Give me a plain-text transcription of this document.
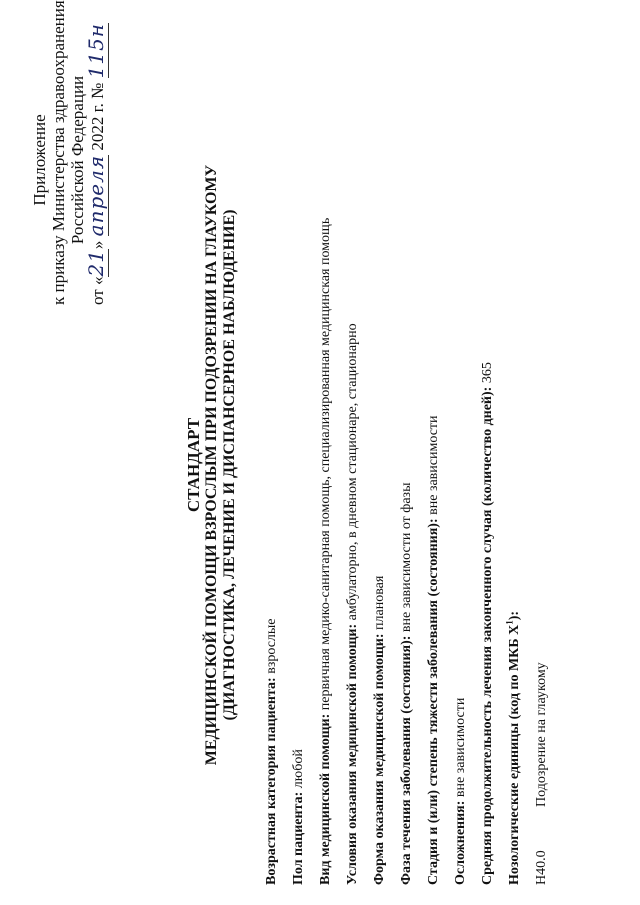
Приложение к приказу Министерства здравоохранения Российской Федерации
от «21» апреля 2022 г. № 115н
СТАНДАРТ МЕДИЦИНСКОЙ ПОМОЩИ ВЗРОСЛЫМ ПРИ ПОДОЗРЕНИИ НА ГЛАУКОМУ (ДИАГНОСТИКА, ЛЕЧЕНИЕ И ДИСПАНСЕРНОЕ НАБЛЮДЕНИЕ)
Возрастная категория пациента: взрослые
Пол пациента: любой Вид медицинской помощи: первичная медико-санитарная помощь, специализированная медицинская помощь
Условия оказания медицинской помощи: амбулаторно, в дневном стационаре, стационарно
Форма оказания медицинской помощи: плановая
Фаза течения заболевания (состояния): вне зависимости от фазы Стадия и (или) степень тяжести заболевания (состояния): вне зависимости
Осложнения: вне зависимости Средняя продолжительность лечения законченного случая (количество дней): 365
Нозологические единицы (код по МКБ $X^1$):
H40.0
Подозрение на глаукому
